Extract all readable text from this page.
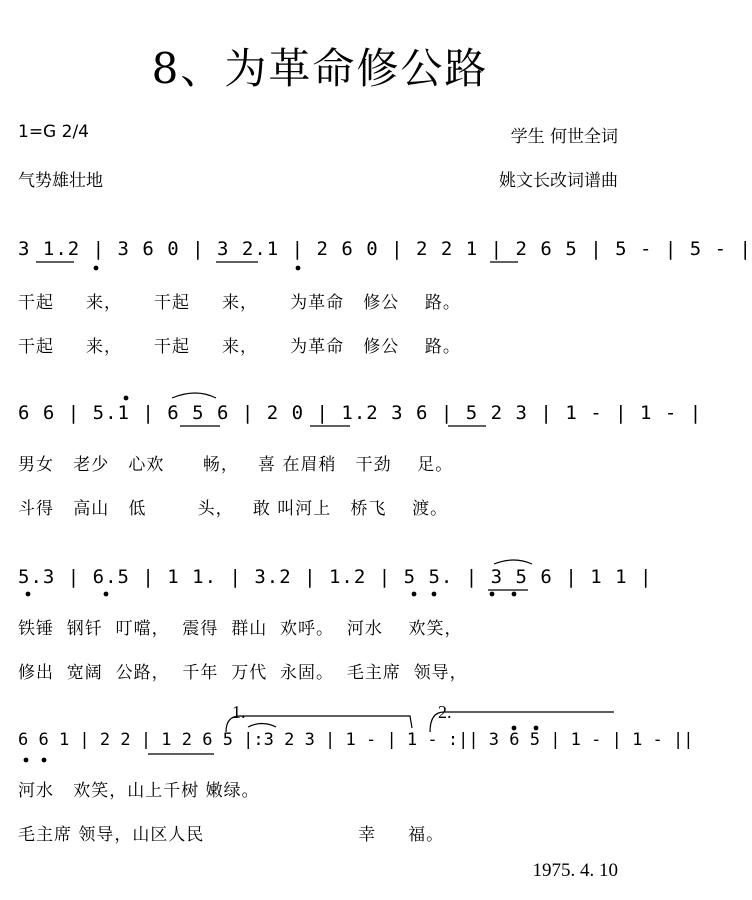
8、为革命修公路
1=G 2/4
气势雄壮地
学生 何世全词
姚文长改词谱曲
3 1.2 | 3 6 0 | 3 2.1 | 2 6 0 | 2 2 1 | 2 6 5 | 5 - | 5 - |
干起     来，     干起     来，     为革命   修公    路。
干起     来，     干起     来，     为革命   修公    路。
6 6 | 5.1 | 6 5 6 | 2 0 | 1.2 3 6 | 5 2 3 | 1 - | 1 - |
男女   老少   心欢      畅，   喜 在眉稍   干劲    足。
斗得   高山   低        头，   敢 叫河上   桥飞    渡。
5.3 | 6.5 | 1 1. | 3.2 | 1.2 | 5 5. | 3 5 6 | 1 1 |
铁锤  钢钎  叮噹，  震得  群山  欢呼。  河水    欢笑，
修出  宽阔  公路，  千年  万代  永固。  毛主席  领导，
6 6 1 | 2 2 | 1 2 6 5 |:3 2 3 | 1 - | 1 - :|| 3 6 5 | 1 - | 1 - ||
河水   欢笑，山上千树 嫩绿。
毛主席 领导，山区人民                        幸     福。
1.	2.
1975. 4. 10
